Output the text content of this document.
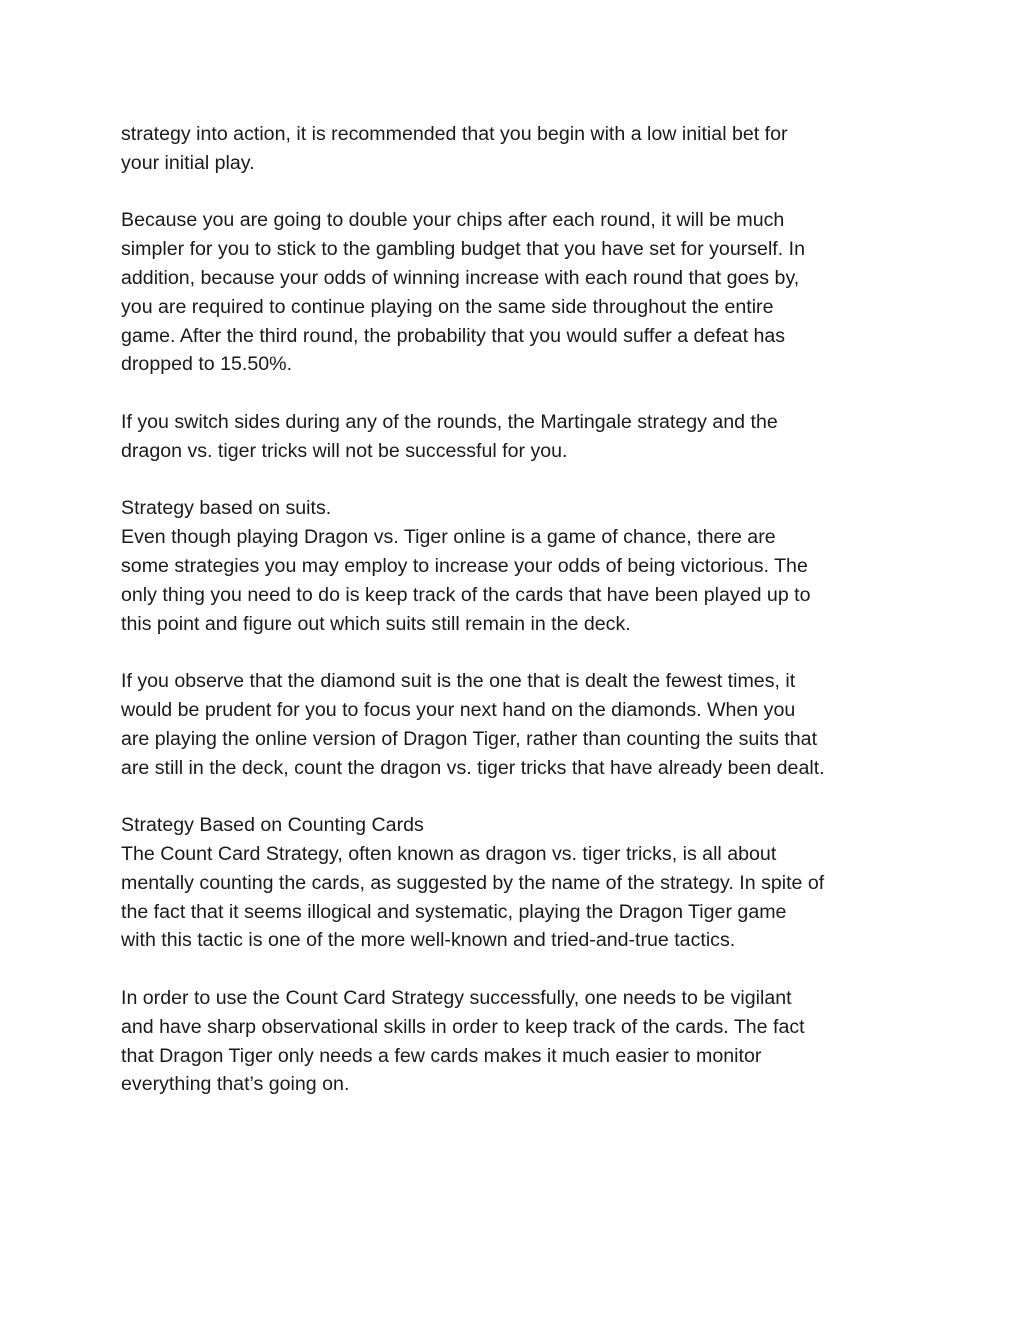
strategy into action, it is recommended that you begin with a low initial bet for
your initial play.

Because you are going to double your chips after each round, it will be much
simpler for you to stick to the gambling budget that you have set for yourself. In
addition, because your odds of winning increase with each round that goes by,
you are required to continue playing on the same side throughout the entire
game. After the third round, the probability that you would suffer a defeat has
dropped to 15.50%.

If you switch sides during any of the rounds, the Martingale strategy and the
dragon vs. tiger tricks will not be successful for you.

Strategy based on suits.
Even though playing Dragon vs. Tiger online is a game of chance, there are
some strategies you may employ to increase your odds of being victorious. The
only thing you need to do is keep track of the cards that have been played up to
this point and figure out which suits still remain in the deck.

If you observe that the diamond suit is the one that is dealt the fewest times, it
would be prudent for you to focus your next hand on the diamonds. When you
are playing the online version of Dragon Tiger, rather than counting the suits that
are still in the deck, count the dragon vs. tiger tricks that have already been dealt.

Strategy Based on Counting Cards
The Count Card Strategy, often known as dragon vs. tiger tricks, is all about
mentally counting the cards, as suggested by the name of the strategy. In spite of
the fact that it seems illogical and systematic, playing the Dragon Tiger game
with this tactic is one of the more well-known and tried-and-true tactics.

In order to use the Count Card Strategy successfully, one needs to be vigilant
and have sharp observational skills in order to keep track of the cards. The fact
that Dragon Tiger only needs a few cards makes it much easier to monitor
everything that’s going on.
